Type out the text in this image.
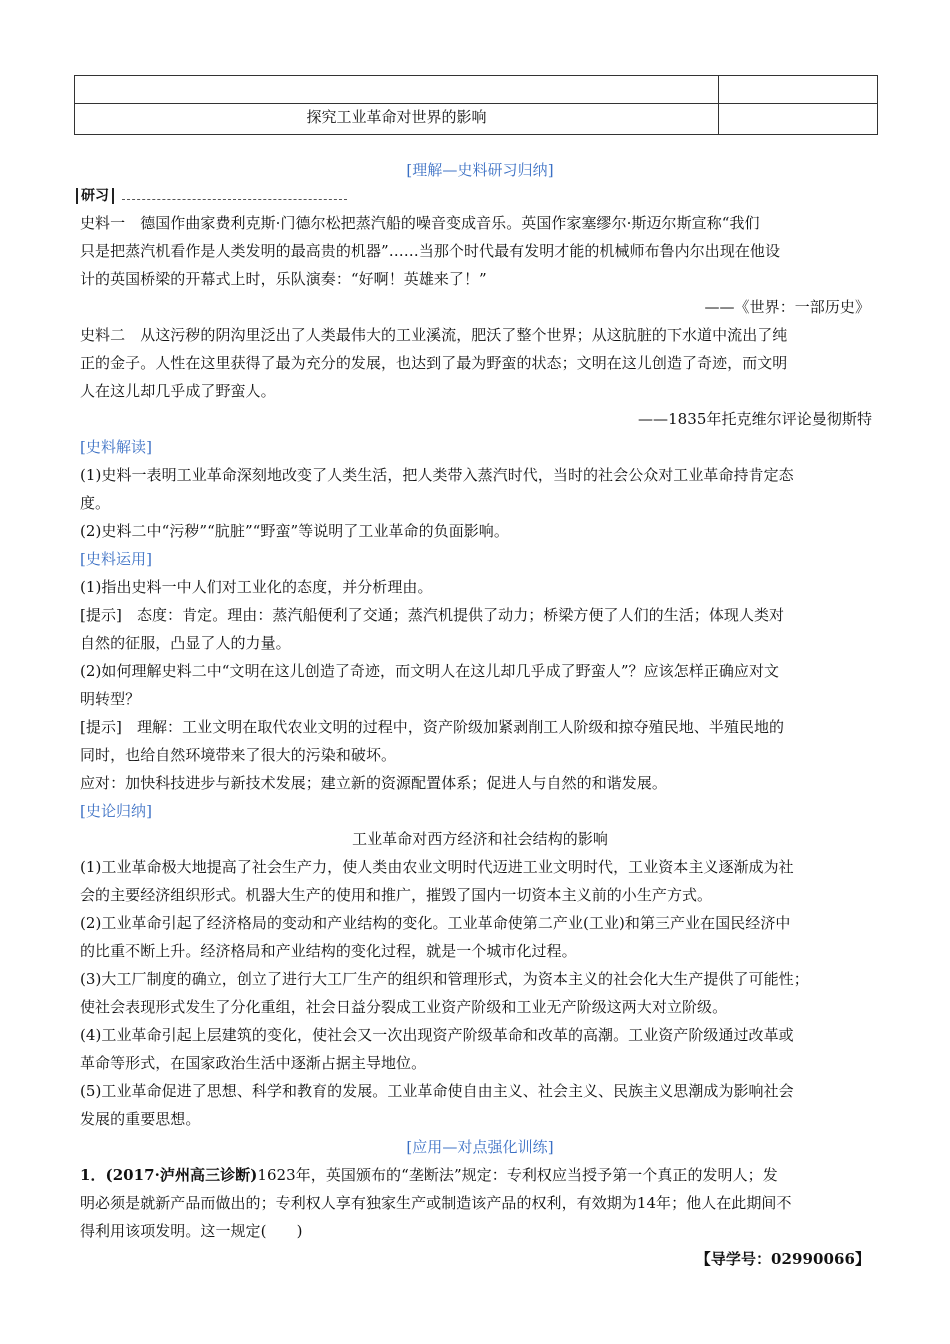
探究工业革命对世界的影响
[理解—史料研习归纳]
研习
史料一　德国作曲家费利克斯·门德尔松把蒸汽船的噪音变成音乐。英国作家塞缪尔·斯迈尔斯宣称“我们
只是把蒸汽机看作是人类发明的最高贵的机器”……当那个时代最有发明才能的机械师布鲁内尔出现在他设
计的英国桥梁的开幕式上时，乐队演奏：“好啊！英雄来了！”
——《世界：一部历史》
史料二　从这污秽的阴沟里泛出了人类最伟大的工业溪流，肥沃了整个世界；从这肮脏的下水道中流出了纯
正的金子。人性在这里获得了最为充分的发展，也达到了最为野蛮的状态；文明在这儿创造了奇迹，而文明
人在这儿却几乎成了野蛮人。
——1835年托克维尔评论曼彻斯特
[史料解读]
(1)史料一表明工业革命深刻地改变了人类生活，把人类带入蒸汽时代，当时的社会公众对工业革命持肯定态
度。
(2)史料二中“污秽”“肮脏”“野蛮”等说明了工业革命的负面影响。
[史料运用]
(1)指出史料一中人们对工业化的态度，并分析理由。
[提示]　态度：肯定。理由：蒸汽船便利了交通；蒸汽机提供了动力；桥梁方便了人们的生活；体现人类对
自然的征服，凸显了人的力量。
(2)如何理解史料二中“文明在这儿创造了奇迹，而文明人在这儿却几乎成了野蛮人”？应该怎样正确应对文
明转型？
[提示]　理解：工业文明在取代农业文明的过程中，资产阶级加紧剥削工人阶级和掠夺殖民地、半殖民地的
同时，也给自然环境带来了很大的污染和破坏。
应对：加快科技进步与新技术发展；建立新的资源配置体系；促进人与自然的和谐发展。
[史论归纳]
工业革命对西方经济和社会结构的影响
(1)工业革命极大地提高了社会生产力，使人类由农业文明时代迈进工业文明时代，工业资本主义逐渐成为社
会的主要经济组织形式。机器大生产的使用和推广，摧毁了国内一切资本主义前的小生产方式。
(2)工业革命引起了经济格局的变动和产业结构的变化。工业革命使第二产业(工业)和第三产业在国民经济中
的比重不断上升。经济格局和产业结构的变化过程，就是一个城市化过程。
(3)大工厂制度的确立，创立了进行大工厂生产的组织和管理形式，为资本主义的社会化大生产提供了可能性；
使社会表现形式发生了分化重组，社会日益分裂成工业资产阶级和工业无产阶级这两大对立阶级。
(4)工业革命引起上层建筑的变化，使社会又一次出现资产阶级革命和改革的高潮。工业资产阶级通过改革或
革命等形式，在国家政治生活中逐渐占据主导地位。
(5)工业革命促进了思想、科学和教育的发展。工业革命使自由主义、社会主义、民族主义思潮成为影响社会
发展的重要思想。
[应用—对点强化训练]
1．(2017·泸州高三诊断)1623年，英国颁布的“垄断法”规定：专利权应当授予第一个真正的发明人；发
明必须是就新产品而做出的；专利权人享有独家生产或制造该产品的权利，有效期为14年；他人在此期间不
得利用该项发明。这一规定(　　)
【导学号：02990066】
